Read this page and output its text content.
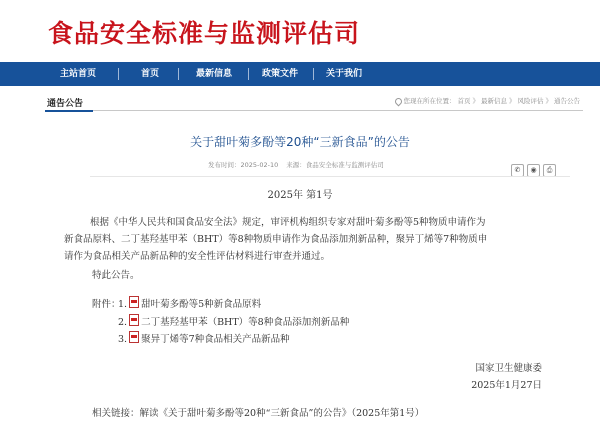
食品安全标准与监测评估司
主站首页	首页	最新信息	政策文件	关于我们
通告公告	您现在所在位置： 首页 》 最新信息 》 风险评估 》 通告公告
关于甜叶菊多酚等20种“三新食品”的公告
发布时间：2025-02-10 来源：食品安全标准与监测评估司
✆ ◉ ⎙
2025年 第1号
根据《中华人民共和国食品安全法》规定，审评机构组织专家对甜叶菊多酚等5种物质申请作为
新食品原料、二丁基羟基甲苯（BHT）等8种物质申请作为食品添加剂新品种，聚异丁烯等7种物质申
请作为食品相关产品新品种的安全性评估材料进行审查并通过。
特此公告。
附件：
1. 甜叶菊多酚等5种新食品原料
2. 二丁基羟基甲苯（BHT）等8种食品添加剂新品种
3. 聚异丁烯等7种食品相关产品新品种
国家卫生健康委
2025年1月27日
相关链接：解读《关于甜叶菊多酚等20种“三新食品”的公告》（2025年第1号）
